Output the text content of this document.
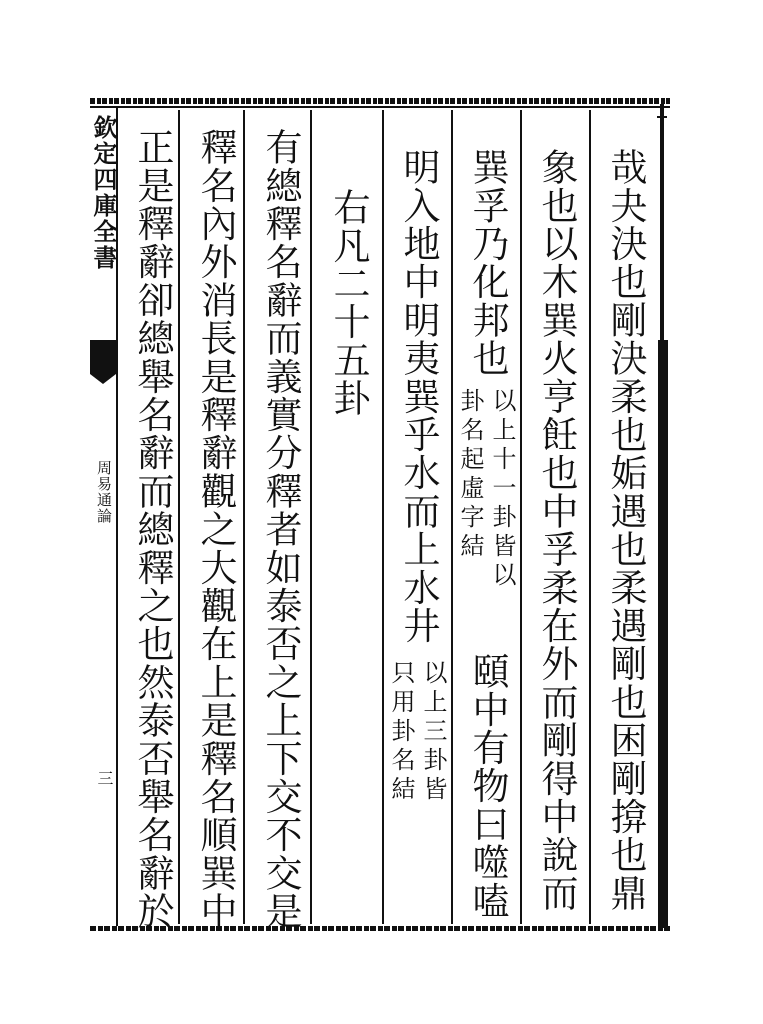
欽定四庫全書
周易通論
三	哉夬決也剛決柔也姤遇也柔遇剛也困剛揜也鼎
象也以木巽火亨飪也中孚柔在外而剛得中說而
巽孚乃化邦也
以上十一卦皆以
卦名起虛字結
頤中有物曰噬嗑
明入地中明夷巽乎水而上水井
以上三卦皆
只用卦名結
右凡二十五卦
有總釋名辭而義實分釋者如泰否之上下交不交是
釋名內外消長是釋辭觀之大觀在上是釋名順巽中
正是釋辭卻總舉名辭而總釋之也然泰否舉名辭於
